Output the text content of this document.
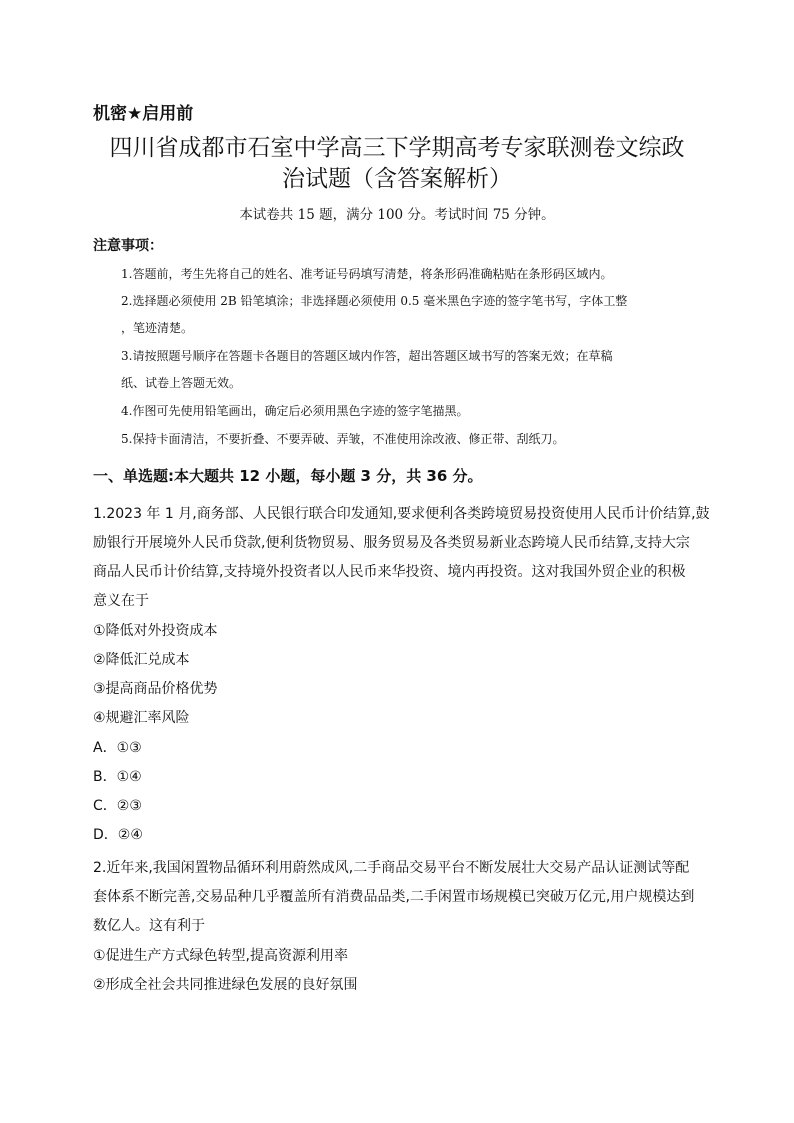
机密★启用前
四川省成都市石室中学高三下学期高考专家联测卷文综政
治试题（含答案解析）
本试卷共 15 题，满分 100 分。考试时间 75 分钟。
注意事项：
1.答题前，考生先将自己的姓名、准考证号码填写清楚，将条形码准确粘贴在条形码区域内。
2.选择题必须使用 2B 铅笔填涂；非选择题必须使用 0.5 毫米黑色字迹的签字笔书写，字体工整
，笔迹清楚。
3.请按照题号顺序在答题卡各题目的答题区域内作答，超出答题区域书写的答案无效；在草稿
纸、试卷上答题无效。
4.作图可先使用铅笔画出，确定后必须用黑色字迹的签字笔描黑。
5.保持卡面清洁，不要折叠、不要弄破、弄皱，不准使用涂改液、修正带、刮纸刀。
一、单选题:本大题共 12 小题，每小题 3 分，共 36 分。
1.2023 年 1 月,商务部、人民银行联合印发通知,要求便利各类跨境贸易投资使用人民币计价结算,鼓
励银行开展境外人民币贷款,便利货物贸易、服务贸易及各类贸易新业态跨境人民币结算,支持大宗
商品人民币计价结算,支持境外投资者以人民币来华投资、境内再投资。这对我国外贸企业的积极
意义在于
①降低对外投资成本
②降低汇兑成本
③提高商品价格优势
④规避汇率风险
A．①③
B．①④
C．②③
D．②④
2.近年来,我国闲置物品循环利用蔚然成风,二手商品交易平台不断发展壮大交易产品认证测试等配
套体系不断完善,交易品种几乎覆盖所有消费品品类,二手闲置市场规模已突破万亿元,用户规模达到
数亿人。这有利于
①促进生产方式绿色转型,提高资源利用率
②形成全社会共同推进绿色发展的良好氛围
